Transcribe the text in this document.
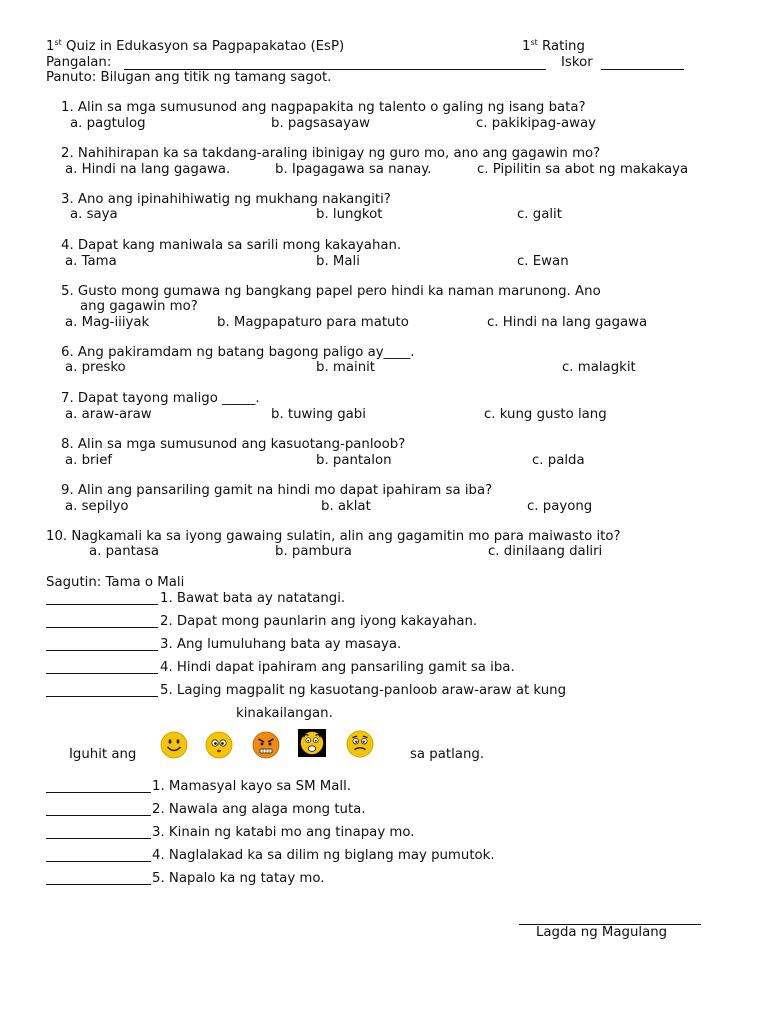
1st Quiz in Edukasyon sa Pagpapakatao (EsP)	1st Rating
Pangalan:	Iskor
Panuto: Bilugan ang titik ng tamang sagot.
1. Alin sa mga sumusunod ang nagpapakita ng talento o galing ng isang bata?
a. pagtulog	b. pagsasayaw	c. pakikipag-away
2. Nahihirapan ka sa takdang-araling ibinigay ng guro mo, ano ang gagawin mo?
a. Hindi na lang gagawa.	b. Ipagagawa sa nanay.	c. Pipilitin sa abot ng makakaya
3. Ano ang ipinahihiwatig ng mukhang nakangiti?
a. saya	b. lungkot	c. galit
4. Dapat kang maniwala sa sarili mong kakayahan.
a. Tama	b. Mali	c. Ewan
5. Gusto mong gumawa ng bangkang papel pero hindi ka naman marunong. Ano
ang gagawin mo?
a. Mag-iiiyak	b. Magpapaturo para matuto	c. Hindi na lang gagawa
6. Ang pakiramdam ng batang bagong paligo ay____.
a. presko	b. mainit	c. malagkit
7. Dapat tayong maligo _____.
a. araw-araw	b. tuwing gabi	c. kung gusto lang
8. Alin sa mga sumusunod ang kasuotang-panloob?
a. brief	b. pantalon	c. palda
9. Alin ang pansariling gamit na hindi mo dapat ipahiram sa iba?
a. sepilyo	b. aklat	c. payong
10. Nagkamali ka sa iyong gawaing sulatin, alin ang gagamitin mo para maiwasto ito?
a. pantasa	b. pambura	c. dinilaang daliri
Sagutin: Tama o Mali
1. Bawat bata ay natatangi.
2. Dapat mong paunlarin ang iyong kakayahan.
3. Ang lumuluhang bata ay masaya.
4. Hindi dapat ipahiram ang pansariling gamit sa iba.
5. Laging magpalit ng kasuotang-panloob araw-araw at kung
kinakailangan.
Iguhit ang	sa patlang.
1. Mamasyal kayo sa SM Mall.
2. Nawala ang alaga mong tuta.
3. Kinain ng katabi mo ang tinapay mo.
4. Naglalakad ka sa dilim ng biglang may pumutok.
5. Napalo ka ng tatay mo.
Lagda ng Magulang
